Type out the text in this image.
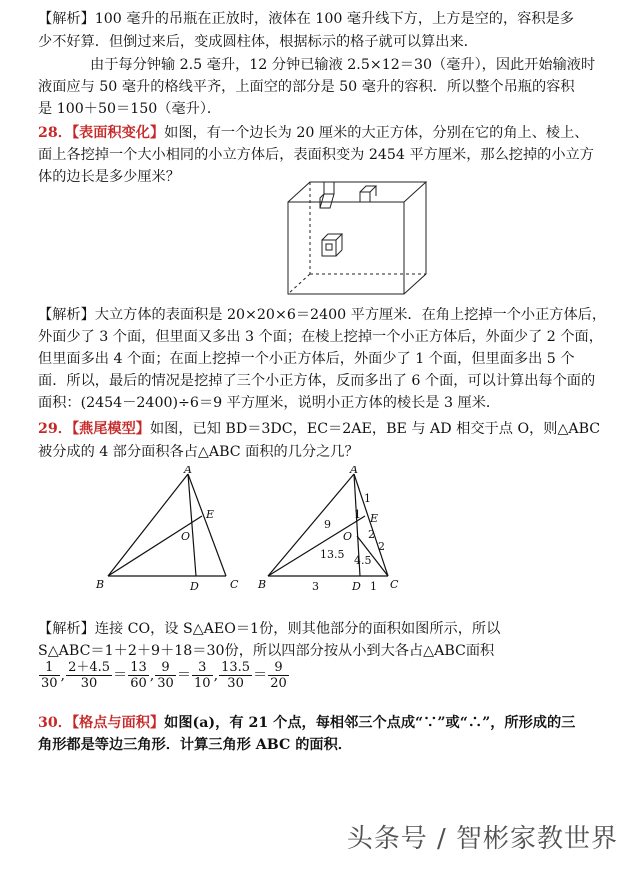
【解析】100 毫升的吊瓶在正放时，液体在 100 毫升线下方，上方是空的，容积是多
少不好算．但倒过来后，变成圆柱体，根据标示的格子就可以算出来．
由于每分钟输 2.5 毫升，12 分钟已输液 2.5×12＝30（毫升），因此开始输液时
液面应与 50 毫升的格线平齐，上面空的部分是 50 毫升的容积．所以整个吊瓶的容积
是 100＋50＝150（毫升）．
28．【表面积变化】如图，有一个边长为 20 厘米的大正方体，分别在它的角上、棱上、
面上各挖掉一个大小相同的小立方体后，表面积变为 2454 平方厘米，那么挖掉的小立方
体的边长是多少厘米？
【解析】大立方体的表面积是 20×20×6＝2400 平方厘米．在角上挖掉一个小正方体后，
外面少了 3 个面，但里面又多出 3 个面；在棱上挖掉一个小正方体后，外面少了 2 个面，
但里面多出 4 个面；在面上挖掉一个小正方体后，外面少了 1 个面，但里面多出 5 个
面．所以，最后的情况是挖掉了三个小正方体，反而多出了 6 个面，可以计算出每个面的
面积：(2454－2400)÷6＝9 平方厘米，说明小正方体的棱长是 3 厘米．
29．【燕尾模型】如图，已知 BD＝3DC，EC＝2AE，BE 与 AD 相交于点 O，则△ABC
被分成的 4 部分面积各占△ABC 面积的几分之几？
A
B	C
D
E
O
A
B	C
D
E
O
9
1
1
13.5 4.5
2
2
3	1
【解析】连接 CO，设 S△AEO＝1份，则其他部分的面积如图所示，所以
S△ABC＝1＋2＋9＋18＝30份，所以四部分按从小到大各占△ABC面积
$\frac{1}{30}$ , $\frac{2+4.5}{30} = \frac{13}{60}$ , $\frac{9}{30} = \frac{3}{10}$ , $\frac{13.5}{30} = \frac{9}{20}$
30．【格点与面积】如图(a)，有 21 个点，每相邻三个点成“∵”或“∴”，所形成的三
角形都是等边三角形．计算三角形 ABC 的面积．
头条号 / 智彬家教世界
